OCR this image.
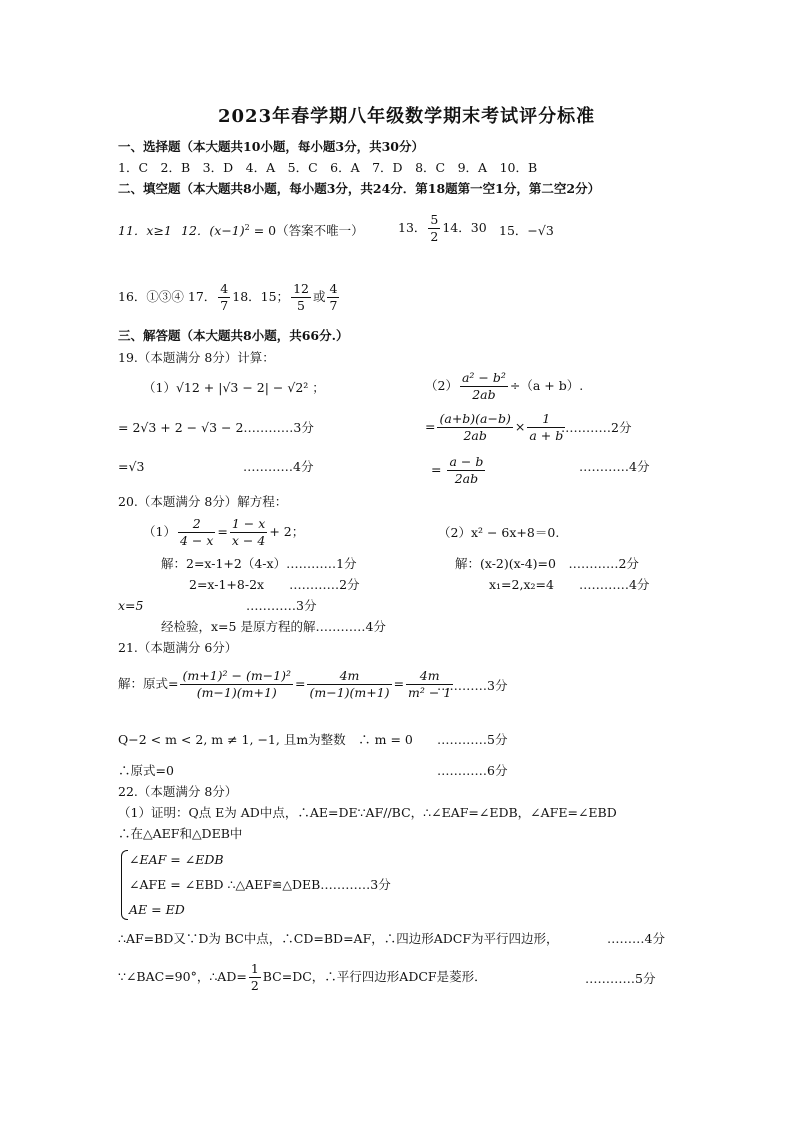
2023年春学期八年级数学期末考试评分标准
一、选择题（本大题共10小题，每小题3分，共30分）
1．C　2．B　3．D　4．A　5．C　6．A　7．D　8．C　9．A　10．B
二、填空题（本大题共8小题，每小题3分，共24分．第18题第一空1分，第二空2分）
11．x≥1 12．$(x-1)^2 = 0$（答案不唯一）	13． $\frac{5}{2} 14$．30 15．−√3
16．①③④ 17． $\frac{4}{7} 18$．15； $\frac{12}{5}$ 或 $\frac{4}{7}$
三、解答题（本大题共8小题，共66分.）
19.（本题满分 8分）计算：
（1）√12 + |√3 − 2| − √2² ；	$(2) \frac{\text{a² − b²}}{2ab} \div(a + b)$.
= 2√3 + 2 − √3 − 2…………3分
=√3	…………4分
= $\frac{(a+b)(a-b)}{2ab} \times \frac{1}{a + b}$
…………2分
= $\frac{a - b}{2ab}$	…………4分
20.（本题满分 8分）解方程：
$(1) \frac{2}{4 - x} = \frac{1 - x}{x - 4} + 2$；	（2）x² − 6x+8＝0.
解：2=x-1+2（4-x）…………1分
2=x-1+8-2x　　…………2分
x=5	…………3分
经检验，x=5 是原方程的解…………4分
解：(x-2)(x-4)=0　…………2分
x₁=2,x₂=4　　…………4分
21.（本题满分 6分）
解：原式= $\frac{\text{(m+1)² − (m−1)²}}{(m-1)(m+1)} = \frac{4m}{(m-1)(m+1)} = \frac{4m}{\text{m² − 1}}$
…………3分
Q−2 < m < 2, m ≠ 1, −1, 且m为整数　∴ m = 0 …………5分
∴原式=0	…………6分
22.（本题满分 8分）
（1）证明：Q点 E为 AD中点，∴AE=DE∵AF//BC，∴∠EAF=∠EDB，∠AFE=∠EBD
∴在△AEF和△DEB中
∠EAF = ∠EDB
∠AFE = ∠EBD ∴△AEF≌△DEB…………3分
AE = ED
∴AF=BD又∵D为 BC中点，∴CD=BD=AF，∴四边形ADCF为平行四边形，	………4分
∵∠BAC=90°，∴AD= $\frac{1}{2} BC=DC$，∴平行四边形ADCF是菱形．	…………5分
